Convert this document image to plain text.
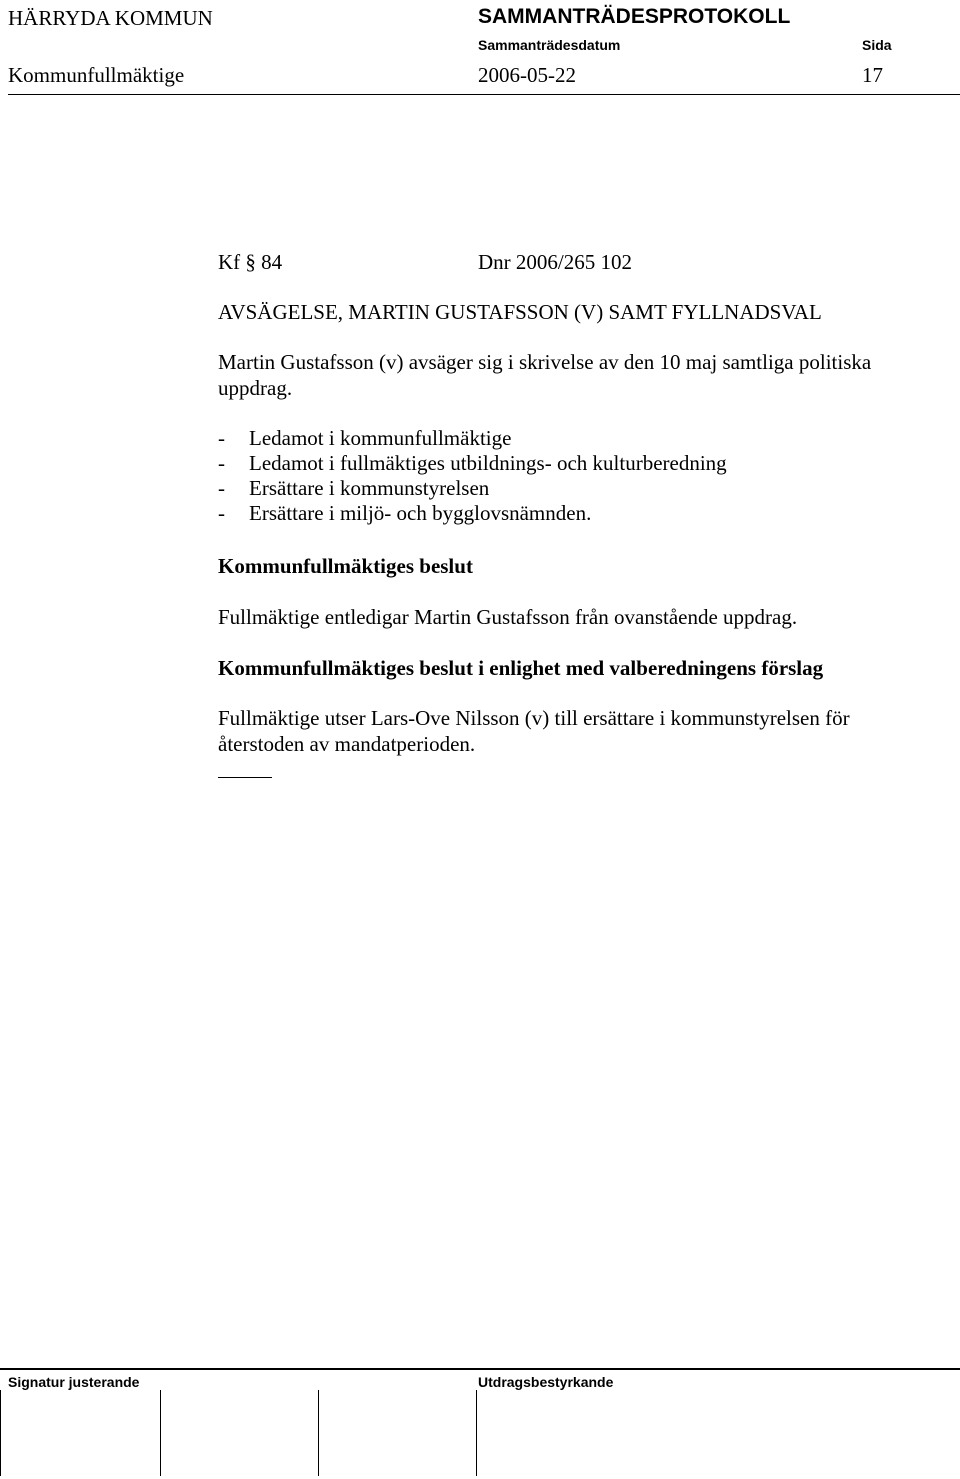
HÄRRYDA KOMMUN	SAMMANTRÄDESPROTOKOLL
Sammanträdesdatum	Sida
Kommunfullmäktige	2006-05-22	17
Kf § 84	Dnr 2006/265 102
AVSÄGELSE, MARTIN GUSTAFSSON (V) SAMT FYLLNADSVAL
Martin Gustafsson (v) avsäger sig i skrivelse av den 10 maj samtliga politiska uppdrag.
-	Ledamot i kommunfullmäktige
-	Ledamot i fullmäktiges utbildnings- och kulturberedning
-	Ersättare i kommunstyrelsen
-	Ersättare i miljö- och bygglovsnämnden.
Kommunfullmäktiges beslut
Fullmäktige entledigar Martin Gustafsson från ovanstående uppdrag.
Kommunfullmäktiges beslut i enlighet med valberedningens förslag
Fullmäktige utser Lars-Ove Nilsson (v) till ersättare i kommunstyrelsen för återstoden av mandatperioden.
Signatur justerande	Utdragsbestyrkande
